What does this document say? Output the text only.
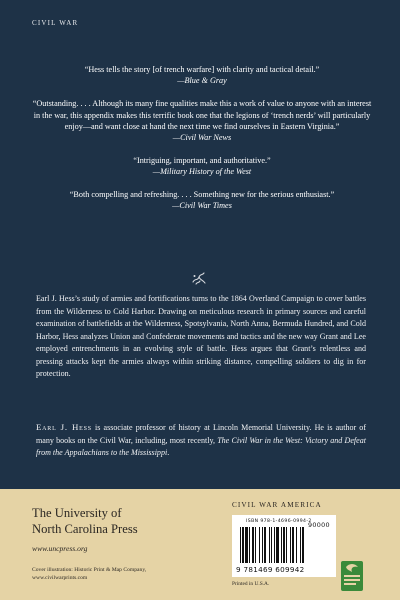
CIVIL WAR
“Hess tells the story [of trench warfare] with clarity and tactical detail.”
—Blue & Gray
“Outstanding. . . . Although its many fine qualities make this a work of value to anyone with an interest in the war, this appendix makes this terrific book one that the legions of ‘trench nerds’ will particularly enjoy—and want close at hand the next time we find ourselves in Eastern Virginia.”
—Civil War News
“Intriguing, important, and authoritative.”
—Military History of the West
“Both compelling and refreshing. . . . Something new for the serious enthusiast.”
—Civil War Times

Earl J. Hess’s study of armies and fortifications turns to the 1864 Overland Campaign to cover battles from the Wilderness to Cold Harbor. Drawing on meticulous research in primary sources and careful examination of battlefields at the Wilderness, Spotsylvania, North Anna, Bermuda Hundred, and Cold Harbor, Hess analyzes Union and Confederate movements and tactics and the new way Grant and Lee employed entrenchments in an evolving style of battle. Hess argues that Grant’s relentless and pressing attacks kept the armies always within striking distance, compelling soldiers to dig in for protection.

Earl J. Hess is associate professor of history at Lincoln Memorial University. He is author of many books on the Civil War, including, most recently, The Civil War in the West: Victory and Defeat from the Appalachians to the Mississippi.

The University of
North Carolina Press
www.uncpress.org
Cover illustration: Historic Print & Map Company,
www.civilwarprints.com
CIVIL WAR AMERICA
ISBN 978-1-4696-0994-2
90000
9 781469 609942
Printed in U.S.A.
